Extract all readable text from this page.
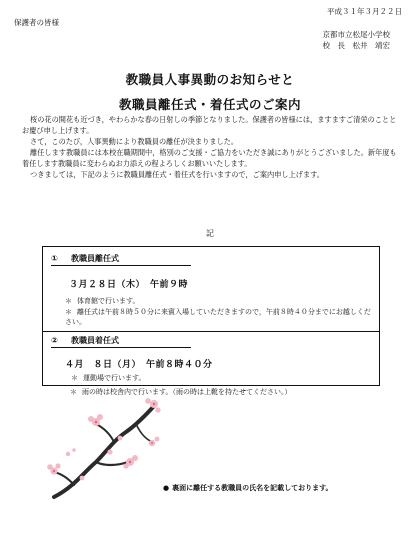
平成３１年３月２２日
保護者の皆様
京都市立松尾小学校
校　長　松井　靖宏
教職員人事異動のお知らせと
教職員離任式・着任式のご案内

桜の花の開花も近づき，やわらかな春の日射しの季節となりました。保護者の皆様には，ますますご清栄のこととお慶び申し上げます。

さて，このたび，人事異動により教職員の離任が決まりました。

離任します教職員には本校在職期間中，格別のご支援・ご協力をいただき誠にありがとうございました。新年度も着任します教職員に変わらぬお力添えの程よろしくお願いいたします。

つきましては，下記のように教職員離任式・着任式を行いますので，ご案内申し上げます。

記
① 教職員離任式
３月２８日（木）　午前９時
＊ 体育館で行います。
＊ 離任式は午前８時５０分に来賓入場していただきますので，午前８時４０分までにお越しください。
② 教職員着任式
４月　８日（月）　午前８時４０分
＊ 運動場で行います。
＊ 雨の時は校舎内で行います。（雨の時は上靴を持たせてください。）
● 裏面に離任する教職員の氏名を記載しております。
